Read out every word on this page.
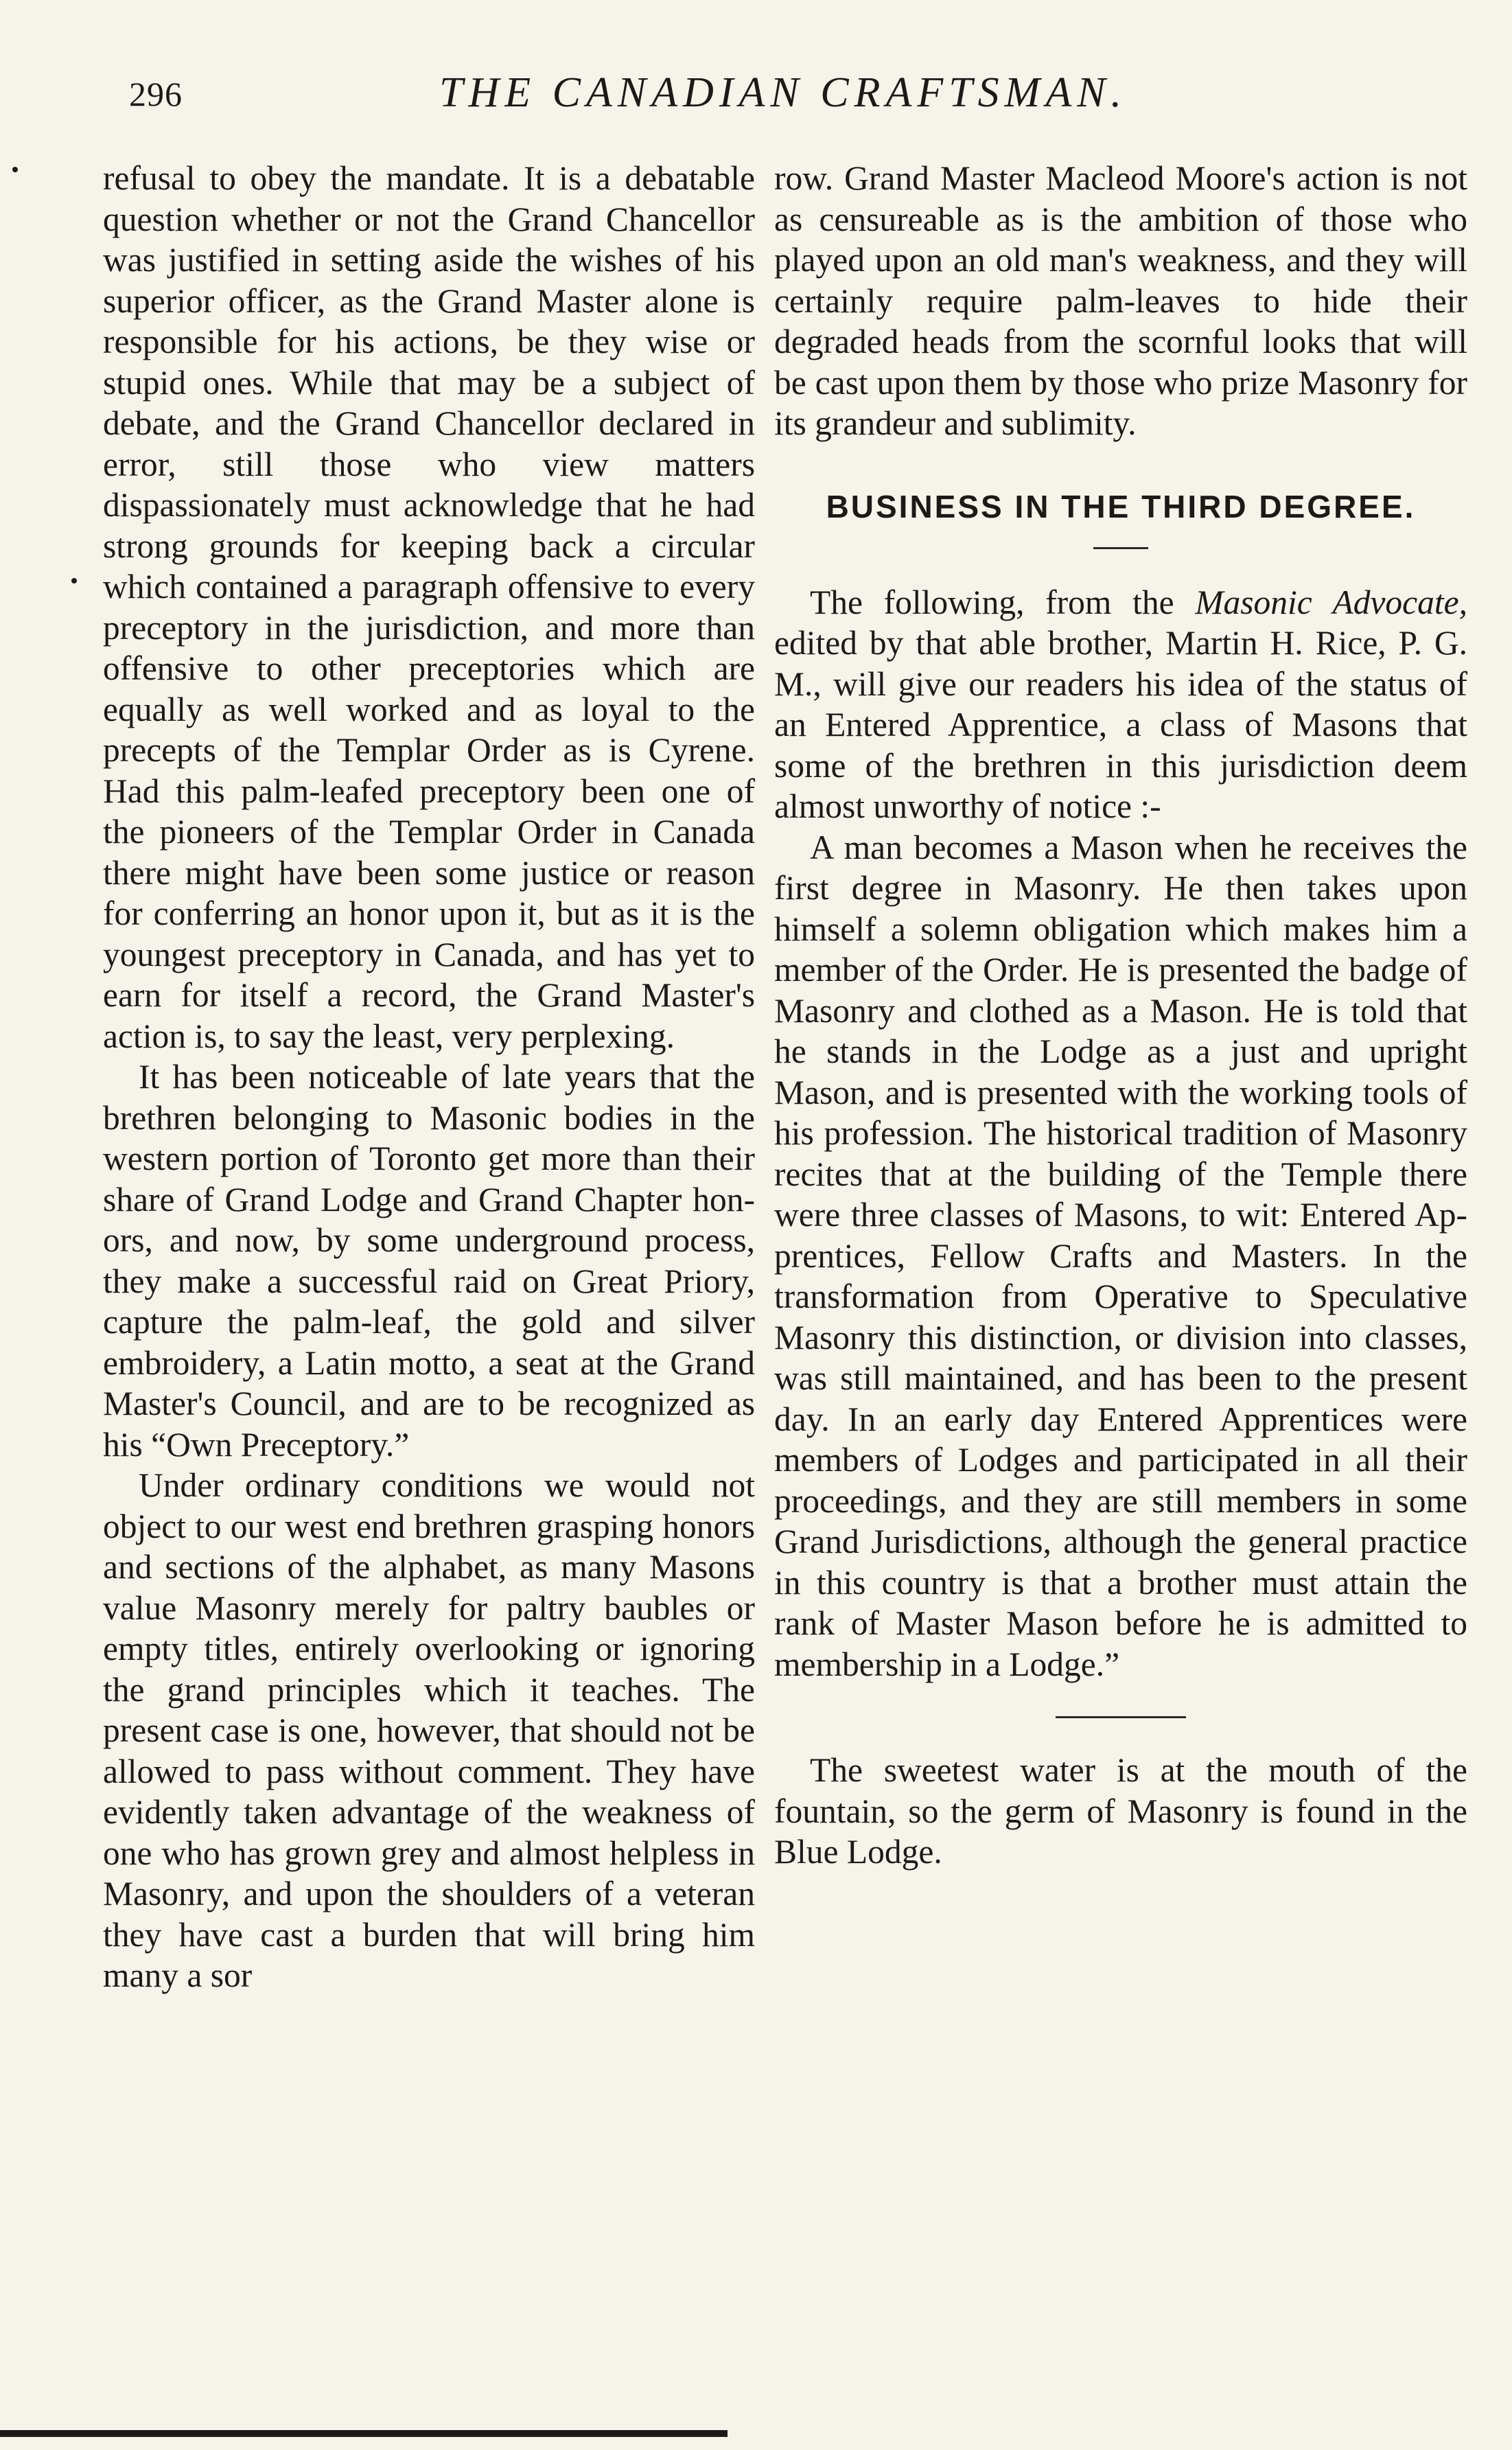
296	THE CANADIAN CRAFTSMAN.

refusal to obey the mandate. It is a debatable question whether or not the Grand Chancellor was justified in setting aside the wishes of his superior officer, as the Grand Master alone is responsible for his actions, be they wise or stupid ones. While that may be a subject of debate, and the Grand Chancellor declared in error, still those who view matters dispassionately must acknowledge that he had strong grounds for keeping back a circular which contained a paragraph offensive to every preceptory in the jurisdiction, and more than offensive to other preceptories which are equally as well worked and as loyal to the precepts of the Templar Order as is Cyrene. Had this palm-leafed preceptory been one of the pioneers of the Templar Order in Canada there might have been some justice or reason for conferring an honor upon it, but as it is the youngest preceptory in Canada, and has yet to earn for itself a record, the Grand Master's action is, to say the least, very perplexing.

It has been noticeable of late years that the brethren belonging to Masonic bodies in the western portion of Toronto get more than their share of Grand Lodge and Grand Chapter honors, and now, by some underground process, they make a successful raid on Great Priory, capture the palm-leaf, the gold and silver embroidery, a Latin motto, a seat at the Grand Master's Council, and are to be recognized as his “Own Preceptory.”

Under ordinary conditions we would not object to our west end brethren grasping honors and sections of the alphabet, as many Masons value Masonry merely for paltry baubles or empty titles, entirely overlooking or ignoring the grand principles which it teaches. The present case is one, however, that should not be allowed to pass without comment. They have evidently taken advantage of the weakness of one who has grown grey and almost helpless in Masonry, and upon the shoulders of a veteran they have cast a burden that will bring him many a sor

row. Grand Master Macleod Moore's action is not as censureable as is the ambition of those who played upon an old man's weakness, and they will certainly require palm-leaves to hide their degraded heads from the scornful looks that will be cast upon them by those who prize Masonry for its grandeur and sublimity.

BUSINESS IN THE THIRD DEGREE.

The following, from the Masonic Advocate, edited by that able brother, Martin H. Rice, P. G. M., will give our readers his idea of the status of an Entered Apprentice, a class of Masons that some of the brethren in this jurisdiction deem almost unworthy of notice :-

A man becomes a Mason when he receives the first degree in Masonry. He then takes upon himself a solemn obligation which makes him a member of the Order. He is presented the badge of Masonry and clothed as a Mason. He is told that he stands in the Lodge as a just and upright Mason, and is presented with the working tools of his profession. The historical tradition of Masonry recites that at the building of the Temple there were three classes of Masons, to wit: Entered Apprentices, Fellow Crafts and Masters. In the transformation from Operative to Speculative Masonry this distinction, or division into classes, was still maintained, and has been to the present day. In an early day Entered Apprentices were members of Lodges and participated in all their proceedings, and they are still members in some Grand Jurisdictions, although the general practice in this country is that a brother must attain the rank of Master Mason before he is admitted to membership in a Lodge.”

The sweetest water is at the mouth of the fountain, so the germ of Masonry is found in the Blue Lodge.
